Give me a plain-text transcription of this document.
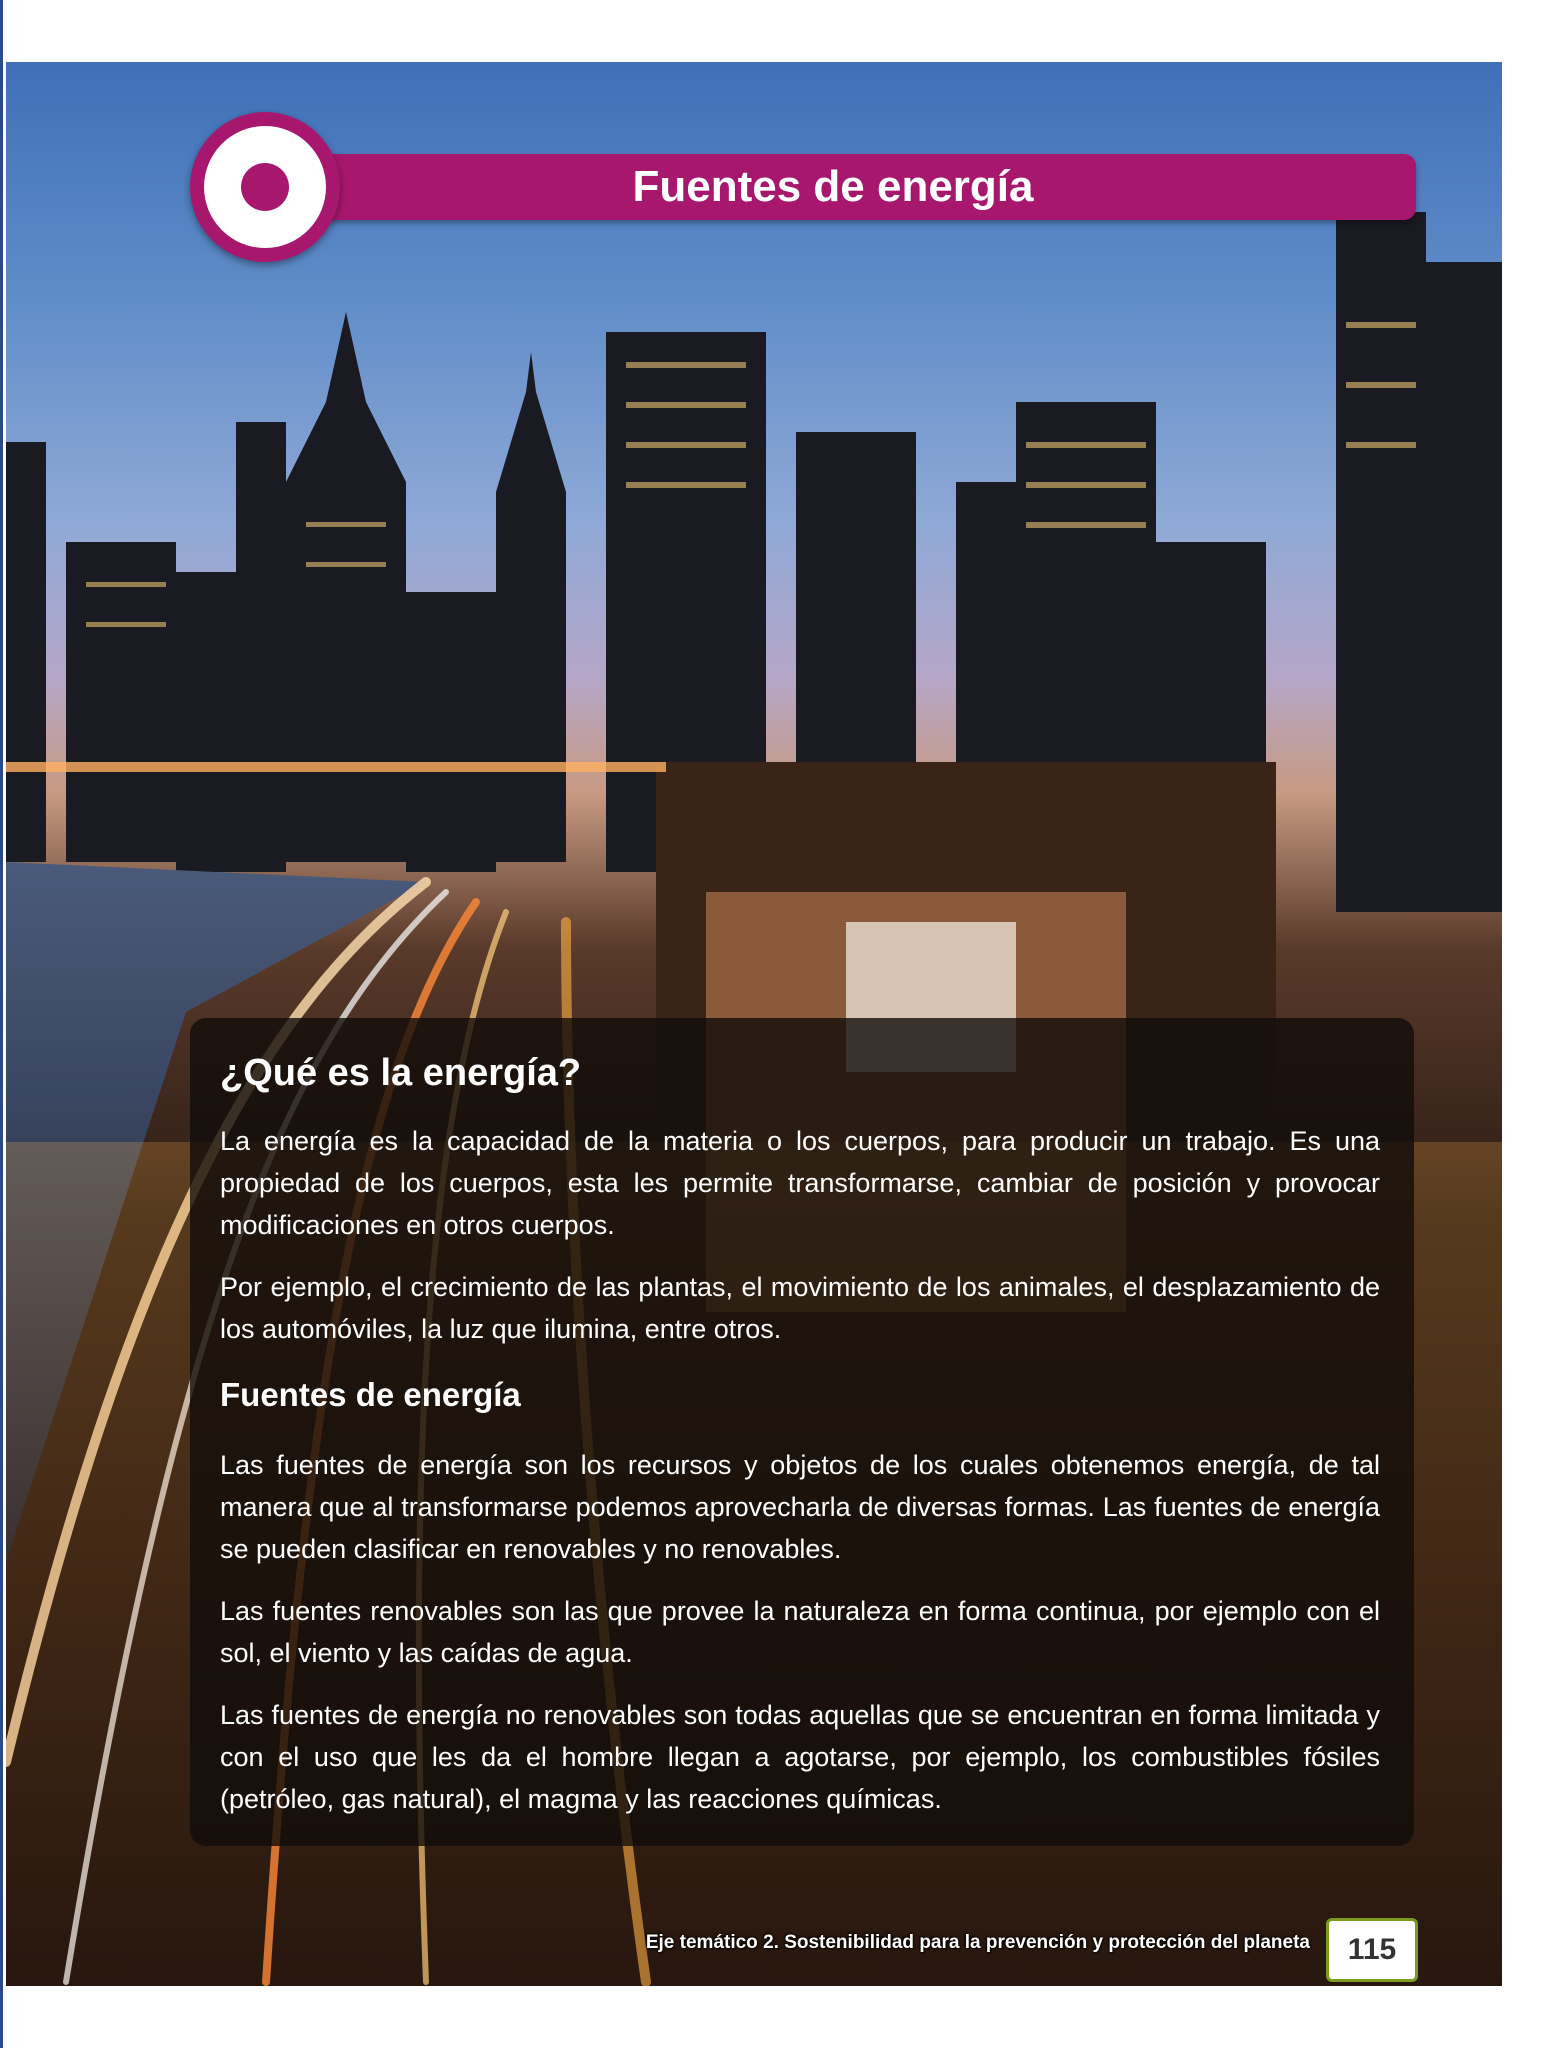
Fuentes de energía
¿Qué es la energía?

La energía es la capacidad de la materia o los cuerpos, para producir un trabajo. Es una propiedad de los cuerpos, esta les permite transformarse, cambiar de posición y provocar modificaciones en otros cuerpos.

Por ejemplo, el crecimiento de las plantas, el movimiento de los animales, el desplazamiento de los automóviles, la luz que ilumina, entre otros.

Fuentes de energía

Las fuentes de energía son los recursos y objetos de los cuales obtenemos energía, de tal manera que al transformarse podemos aprovecharla de diversas formas. Las fuentes de energía se pueden clasificar en renovables y no renovables.

Las fuentes renovables son las que provee la naturaleza en forma continua, por ejemplo con el sol, el viento y las caídas de agua.

Las fuentes de energía no renovables son todas aquellas que se encuentran en forma limitada y con el uso que les da el hombre llegan a agotarse, por ejemplo, los combustibles fósiles (petróleo, gas natural), el magma y las reacciones químicas.

Eje temático 2. Sostenibilidad para la prevención y protección del planeta	115
